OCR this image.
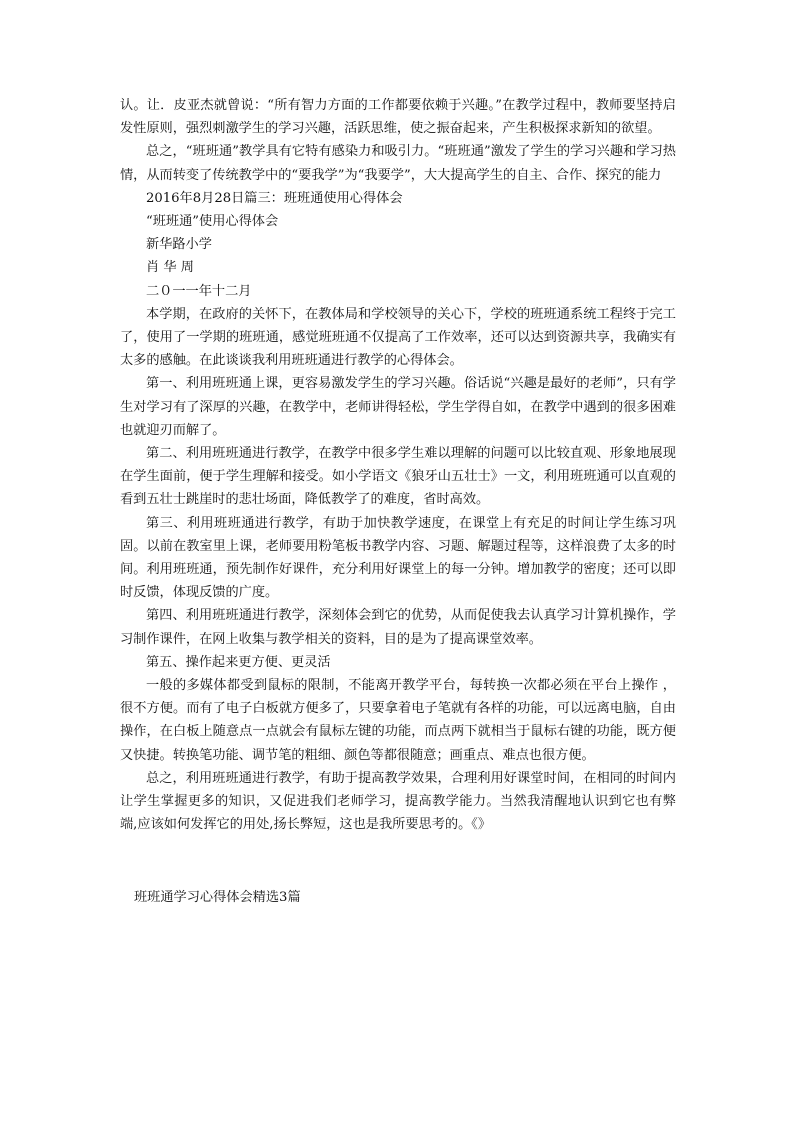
认。让．皮亚杰就曾说：“所有智力方面的工作都要依赖于兴趣。”在教学过程中，教师要坚持启发性原则，强烈刺激学生的学习兴趣，活跃思维，使之振奋起来，产生积极探求新知的欲望。

总之，“班班通”教学具有它特有感染力和吸引力。“班班通”激发了学生的学习兴趣和学习热情，从而转变了传统教学中的“要我学”为“我要学”，大大提高学生的自主、合作、探究的能力

2016年8月28日篇三：班班通使用心得体会

“班班通”使用心得体会

新华路小学

肖 华 周

二０一一年十二月

本学期，在政府的关怀下，在教体局和学校领导的关心下，学校的班班通系统工程终于完工了，使用了一学期的班班通，感觉班班通不仅提高了工作效率，还可以达到资源共享，我确实有太多的感触。在此谈谈我利用班班通进行教学的心得体会。

第一、利用班班通上课，更容易激发学生的学习兴趣。俗话说“兴趣是最好的老师”，只有学生对学习有了深厚的兴趣，在教学中，老师讲得轻松，学生学得自如，在教学中遇到的很多困难也就迎刃而解了。

第二、利用班班通进行教学，在教学中很多学生难以理解的问题可以比较直观、形象地展现在学生面前，便于学生理解和接受。如小学语文《狼牙山五壮士》一文，利用班班通可以直观的看到五壮士跳崖时的悲壮场面，降低教学了的难度，省时高效。

第三、利用班班通进行教学，有助于加快教学速度，在课堂上有充足的时间让学生练习巩固。以前在教室里上课，老师要用粉笔板书教学内容、习题、解题过程等，这样浪费了太多的时间。利用班班通，预先制作好课件，充分利用好课堂上的每一分钟。增加教学的密度；还可以即时反馈，体现反馈的广度。

第四、利用班班通进行教学，深刻体会到它的优势，从而促使我去认真学习计算机操作，学习制作课件，在网上收集与教学相关的资料，目的是为了提高课堂效率。

第五、操作起来更方便、更灵活

一般的多媒体都受到鼠标的限制，不能离开教学平台，每转换一次都必须在平台上操作 ，很不方便。而有了电子白板就方便多了，只要拿着电子笔就有各样的功能，可以远离电脑，自由操作，在白板上随意点一点就会有鼠标左键的功能，而点两下就相当于鼠标右键的功能，既方便又快捷。转换笔功能、调节笔的粗细、颜色等都很随意；画重点、难点也很方便。

总之，利用班班通进行教学，有助于提高教学效果，合理利用好课堂时间，在相同的时间内让学生掌握更多的知识，又促进我们老师学习，提高教学能力。当然我清醒地认识到它也有弊端,应该如何发挥它的用处,扬长弊短，这也是我所要思考的。《》

班班通学习心得体会精选3篇
